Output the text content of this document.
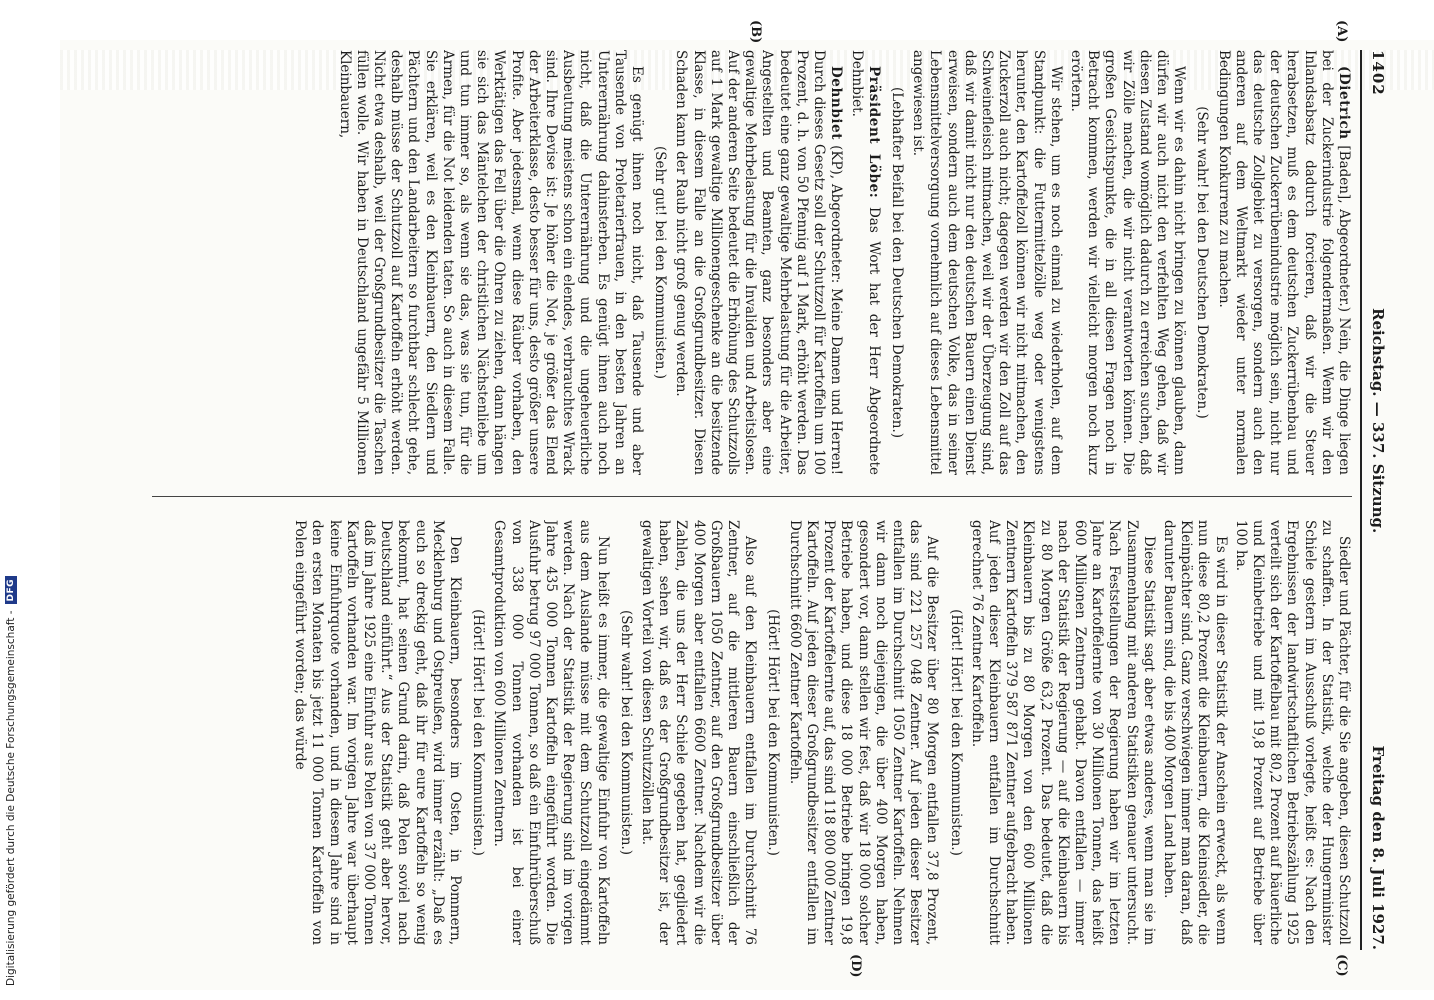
1402
Reichstag. — 337. Sitzung.
Freitag den 8. Juli 1927.
(A)
(B)
(C)
(D)

(Dietrich [Baden], Abgeordneter.) Nein, die Dinge liegen bei der Zuckerindustrie folgendermaßen. Wenn wir den Inlandsabsatz dadurch forcieren, daß wir die Steuer herabsetzen, muß es dem deutschen Zuckerrübenbau und der deutschen Zuckerrübenindustrie möglich sein, nicht nur das deutsche Zollgebiet zu versorgen, sondern auch den anderen auf dem Weltmarkt wieder unter normalen Bedingungen Konkurrenz zu machen.

(Sehr wahr! bei den Deutschen Demokraten.)

Wenn wir es dahin nicht bringen zu können glauben, dann dürfen wir auch nicht den verfehlten Weg gehen, daß wir diesen Zustand womöglich dadurch zu erreichen suchen, daß wir Zölle machen, die wir nicht verantworten können. Die großen Gesichtspunkte, die in all diesen Fragen noch in Betracht kommen, werden wir vielleicht morgen noch kurz erörtern.

Wir stehen, um es noch einmal zu wiederholen, auf dem Standpunkt: die Futtermittelzölle weg oder wenigstens herunter, den Kartoffelzoll können wir nicht mitmachen, den Zuckerzoll auch nicht; dagegen werden wir den Zoll auf das Schweinefleisch mitmachen, weil wir der Überzeugung sind, daß wir damit nicht nur den deutschen Bauern einen Dienst erweisen, sondern auch dem deutschen Volke, das in seiner Lebensmittelversorgung vornehmlich auf dieses Lebensmittel angewiesen ist.

(Lebhafter Beifall bei den Deutschen Demokraten.)

Präsident Löbe: Das Wort hat der Herr Abgeordnete Dehnbiet.

Dehnbiet (KP), Abgeordneter: Meine Damen und Herren! Durch dieses Gesetz soll der Schutzzoll für Kartoffeln um 100 Prozent, d. h. von 50 Pfennig auf 1 Mark, erhöht werden. Das bedeutet eine ganz gewaltige Mehrbelastung für die Arbeiter, Angestellten und Beamten, ganz besonders aber eine gewaltige Mehrbelastung für die Invaliden und Arbeitslosen. Auf der anderen Seite bedeutet die Erhöhung des Schutzzolls auf 1 Mark gewaltige Millionengeschenke an die besitzende Klasse, in diesem Falle an die Großgrundbesitzer. Diesen Schaden kann der Raub nicht groß genug werden.

(Sehr gut! bei den Kommunisten.)

Es genügt ihnen noch nicht, daß Tausende und aber Tausende von Proletarierfrauen, in den besten Jahren an Unterernährung dahinsterben. Es genügt ihnen auch noch nicht, daß die Unterernährung und die ungeheuerliche Ausbeutung meistens schon ein elendes, verbrauchtes Wrack sind. Ihre Devise ist: Je höher die Not, je größer das Elend der Arbeiterklasse, desto besser für uns, desto größer unsere Profite. Aber jedesmal, wenn diese Räuber vorhaben, den Werktätigen das Fell über die Ohren zu ziehen, dann hängen sie sich das Mäntelchen der christlichen Nächstenliebe um und tun immer so, als wenn sie das, was sie tun, für die Armen, für die Not leidenden taten. So auch in diesem Falle. Sie erklären, weil es den Kleinbauern, den Siedlern und Pächtern und den Landarbeitern so furchtbar schlecht gehe, deshalb müsse der Schutzzoll auf Kartoffeln erhöht werden. Nicht etwa deshalb, weil der Großgrundbesitzer die Taschen füllen wolle. Wir haben in Deutschland ungefähr 5 Millionen Kleinbauern,

Siedler und Pächter, für die Sie angeben, diesen Schutzzoll zu schaffen. In der Statistik, welche der Hungerminister Schiele gestern im Ausschuß vorlegte, heißt es: Nach den Ergebnissen der landwirtschaftlichen Betriebszählung 1925 verteilt sich der Kartoffelbau mit 80,2 Prozent auf bäuerliche und Kleinbetriebe und mit 19,8 Prozent auf Betriebe über 100 ha.

Es wird in dieser Statistik der Anschein erweckt, als wenn nun diese 80,2 Prozent die Kleinbauern, die Kleinsiedler, die Kleinpächter sind. Ganz verschwiegen immer man daran, daß darunter Bauern sind, die bis 400 Morgen Land haben.

Diese Statistik sagt aber etwas anderes, wenn man sie im Zusammenhang mit anderen Statistiken genauer untersucht. Nach Feststellungen der Regierung haben wir im letzten Jahre an Kartoffelernte von 30 Millionen Tonnen, das heißt 600 Millionen Zentnern gehabt. Davon entfallen — immer nach der Statistik der Regierung — auf die Kleinbauern bis zu 80 Morgen Größe 63,2 Prozent. Das bedeutet, daß die Kleinbauern bis zu 80 Morgen von den 600 Millionen Zentnern Kartoffeln 379 587 871 Zentner aufgebracht haben. Auf jeden dieser Kleinbauern entfallen im Durchschnitt gerechnet 76 Zentner Kartoffeln.

(Hört! Hört! bei den Kommunisten.)

Auf die Besitzer über 80 Morgen entfallen 37,8 Prozent, das sind 221 257 048 Zentner. Auf jeden dieser Besitzer entfallen im Durchschnitt 1050 Zentner Kartoffeln. Nehmen wir dann noch diejenigen, die über 400 Morgen haben, gesondert vor, dann stellen wir fest, daß wir 18 000 solcher Betriebe haben, und diese 18 000 Betriebe bringen 19,8 Prozent der Kartoffelernte auf, das sind 118 800 000 Zentner Kartoffeln. Auf jeden dieser Großgrundbesitzer entfallen im Durchschnitt 6600 Zentner Kartoffeln.

(Hört! Hört! bei den Kommunisten.)

Also auf den Kleinbauern entfallen im Durchschnitt 76 Zentner, auf die mittleren Bauern einschließlich der Großbauern 1050 Zentner, auf den Großgrundbesitzer über 400 Morgen aber entfallen 6600 Zentner. Nachdem wir die Zahlen, die uns der Herr Schiele gegeben hat, gegliedert haben, sehen wir, daß es der Großgrundbesitzer ist, der gewaltigen Vorteil von diesen Schutzzöllen hat.

(Sehr wahr! bei den Kommunisten.)

Nun heißt es immer, die gewaltige Einfuhr von Kartoffeln aus dem Auslande müsse mit dem Schutzzoll eingedämmt werden. Nach der Statistik der Regierung sind im vorigen Jahre 435 000 Tonnen Kartoffeln eingeführt worden. Die Ausfuhr betrug 97 000 Tonnen, so daß ein Einfuhrüberschuß von 338 000 Tonnen vorhanden ist bei einer Gesamtproduktion von 600 Millionen Zentnern.

(Hört! Hört! bei den Kommunisten.)

Den Kleinbauern, besonders im Osten, in Pommern, Mecklenburg und Ostpreußen, wird immer erzählt: „Daß es euch so dreckig geht, daß ihr für eure Kartoffeln so wenig bekommt, hat seinen Grund darin, daß Polen soviel nach Deutschland einführt.“ Aus der Statistik geht aber hervor, daß im Jahre 1925 eine Einfuhr aus Polen von 37 000 Tonnen Kartoffeln vorhanden war. Im vorigen Jahre war überhaupt keine Einfuhrquote vorhanden, und in diesem Jahre sind in den ersten Monaten bis jetzt 11 000 Tonnen Kartoffeln von Polen eingeführt worden; das würde

Digitalisierung gefördert durch die Deutsche Forschungsgemeinschaft -
DFG
